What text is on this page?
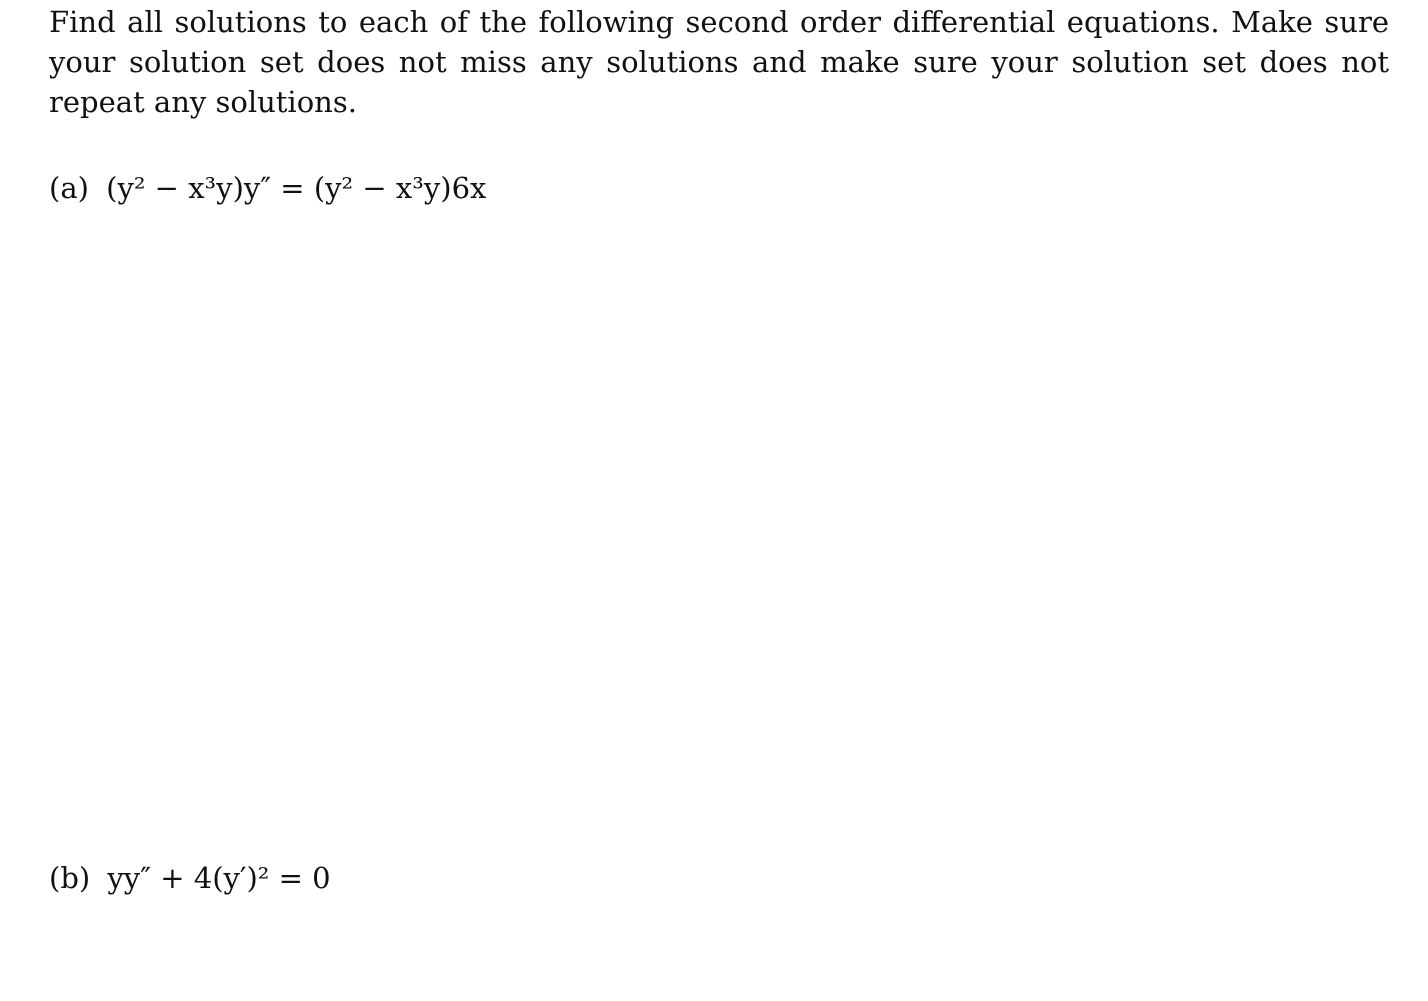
Find all solutions to each of the following second order differential equations. Make sure your solution set does not miss any solutions and make sure your solution set does not repeat any solutions.
(a) (y² − x³y)y″ = (y² − x³y)6x
(b) yy″ + 4(y′)² = 0
